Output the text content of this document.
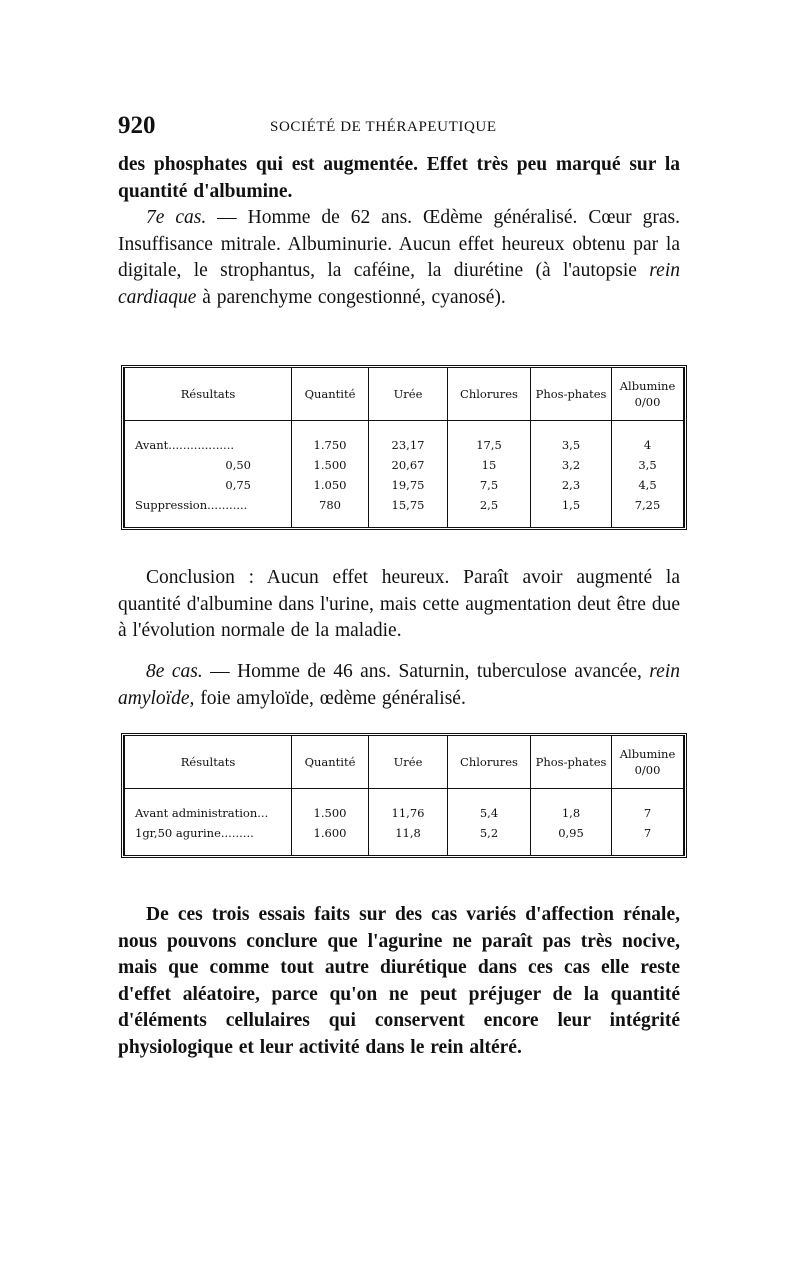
920	SOCIÉTÉ DE THÉRAPEUTIQUE

des phosphates qui est augmentée. Effet très peu marqué sur la quantité d'albumine.

7e cas. — Homme de 62 ans. Œdème généralisé. Cœur gras. Insuffisance mitrale. Albuminurie. Aucun effet heureux obtenu par la digitale, le strophantus, la caféine, la diurétine (à l'autopsie rein cardiaque à parenchyme congestionné, cyanosé).

Résultats	Quantité	Urée	Chlorures	Phos-phates	Albumine 0/00
Avant..................	1.750	23,17	17,5	3,5	4
0,50	1.500	20,67	15	3,2	3,5
0,75	1.050	19,75	7,5	2,3	4,5
Suppression...........	780	15,75	2,5	1,5	7,25

Conclusion : Aucun effet heureux. Paraît avoir augmenté la quantité d'albumine dans l'urine, mais cette augmentation deut être due à l'évolution normale de la maladie.

8e cas. — Homme de 46 ans. Saturnin, tuberculose avancée, rein amyloïde, foie amyloïde, œdème généralisé.

Résultats	Quantité	Urée	Chlorures	Phos-phates	Albumine 0/00
Avant administration...	1.500	11,76	5,4	1,8	7
1gr,50 agurine.........	1.600	11,8	5,2	0,95	7

De ces trois essais faits sur des cas variés d'affection rénale, nous pouvons conclure que l'agurine ne paraît pas très nocive, mais que comme tout autre diurétique dans ces cas elle reste d'effet aléatoire, parce qu'on ne peut préjuger de la quantité d'éléments cellulaires qui conservent encore leur intégrité physiologique et leur activité dans le rein altéré.
